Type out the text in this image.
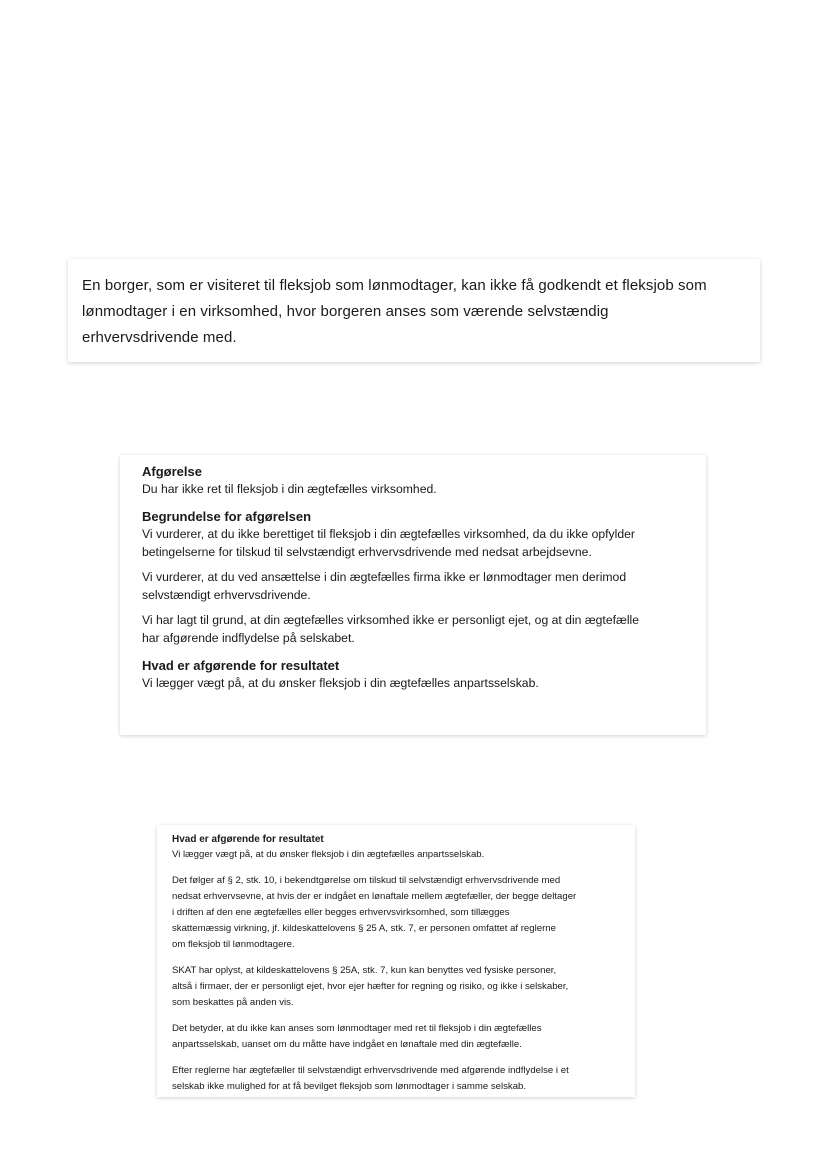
En borger, som er visiteret til fleksjob som lønmodtager, kan ikke få godkendt et fleksjob som

lønmodtager i en virksomhed, hvor borgeren anses som værende selvstændig

erhvervsdrivende med.

Afgørelse

Du har ikke ret til fleksjob i din ægtefælles virksomhed.

Begrundelse for afgørelsen

Vi vurderer, at du ikke berettiget til fleksjob i din ægtefælles virksomhed, da du ikke opfylder

betingelserne for tilskud til selvstændigt erhvervsdrivende med nedsat arbejdsevne.

Vi vurderer, at du ved ansættelse i din ægtefælles firma ikke er lønmodtager men derimod

selvstændigt erhvervsdrivende.

Vi har lagt til grund, at din ægtefælles virksomhed ikke er personligt ejet, og at din ægtefælle

har afgørende indflydelse på selskabet.

Hvad er afgørende for resultatet

Vi lægger vægt på, at du ønsker fleksjob i din ægtefælles anpartsselskab.

Hvad er afgørende for resultatet

Vi lægger vægt på, at du ønsker fleksjob i din ægtefælles anpartsselskab.

Det følger af § 2, stk. 10, i bekendtgørelse om tilskud til selvstændigt erhvervsdrivende med

nedsat erhvervsevne, at hvis der er indgået en lønaftale mellem ægtefæller, der begge deltager

i driften af den ene ægtefælles eller begges erhvervsvirksomhed, som tillægges

skattemæssig virkning, jf. kildeskattelovens § 25 A, stk. 7, er personen omfattet af reglerne

om fleksjob til lønmodtagere.

SKAT har oplyst, at kildeskattelovens § 25A, stk. 7, kun kan benyttes ved fysiske personer,

altså i firmaer, der er personligt ejet, hvor ejer hæfter for regning og risiko, og ikke i selskaber,

som beskattes på anden vis.

Det betyder, at du ikke kan anses som lønmodtager med ret til fleksjob i din ægtefælles

anpartsselskab, uanset om du måtte have indgået en lønaftale med din ægtefælle.

Efter reglerne har ægtefæller til selvstændigt erhvervsdrivende med afgørende indflydelse i et

selskab ikke mulighed for at få bevilget fleksjob som lønmodtager i samme selskab.
